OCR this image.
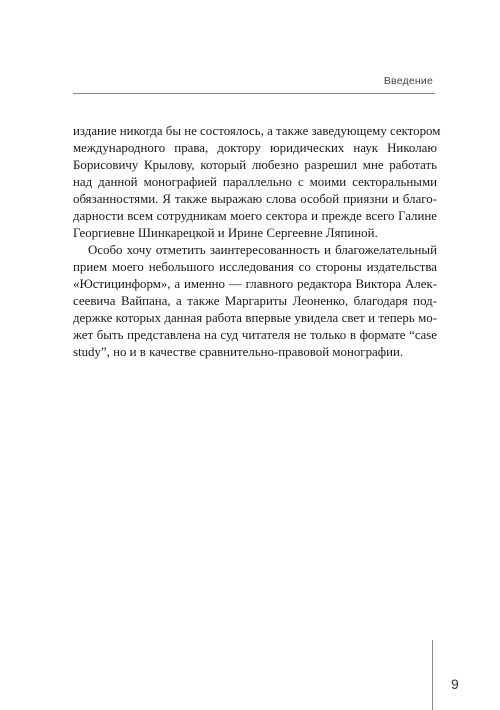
Введение
издание никогда бы не состоялось, а также заведующему сектором
международного права, доктору юридических наук Николаю
Борисовичу Крылову, который любезно разрешил мне работать
над данной монографией параллельно с моими секторальными
обязанностями. Я также выражаю слова особой приязни и благо-
дарности всем сотрудникам моего сектора и прежде всего Галине
Георгиевне Шинкарецкой и Ирине Сергеевне Ляпиной.
Особо хочу отметить заинтересованность и благожелательный
прием моего небольшого исследования со стороны издательства
«Юстицинформ», а именно — главного редактора Виктора Алек-
сеевича Вайпана, а также Маргариты Леоненко, благодаря под-
держке которых данная работа впервые увидела свет и теперь мо-
жет быть представлена на суд читателя не только в формате “case
study”, но и в качестве сравнительно-правовой монографии.
9
